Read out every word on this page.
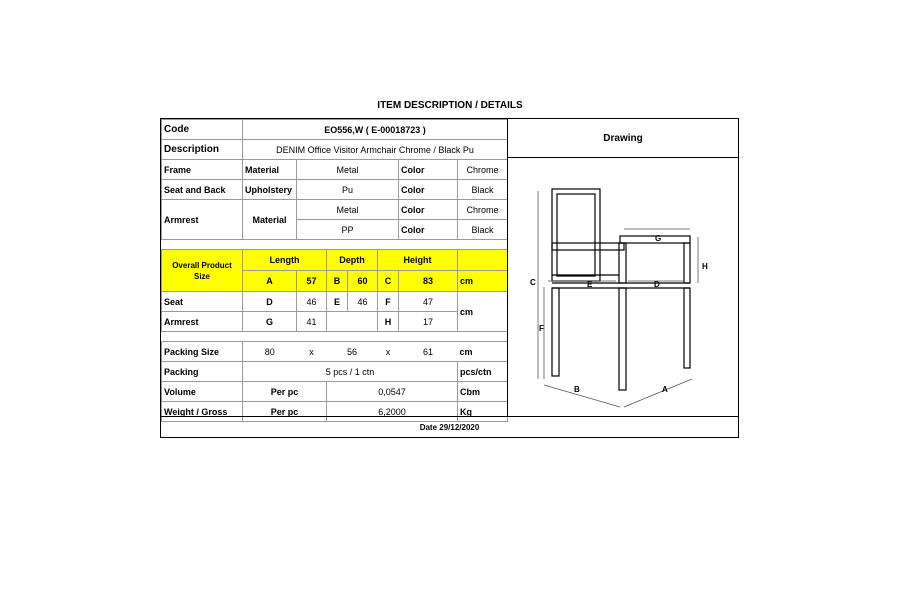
ITEM DESCRIPTION / DETAILS
Code	EO556,W ( E-00018723 )						
Description	DENIM Office Visitor Armchair Chrome / Black Pu						
Frame	Material	Metal				Color	Chrome
Seat and Back	Upholstery	Pu				Color	Black
Armrest	Material	Metal				Color	Chrome
		PP				Color	Black

Overall Product Size	Length		Depth		Height		
	A	57	B	60	C	83	cm
Seat	D	46	E	46	F	47	cm
Armrest	G	41			H	17	

Packing Size	80	x	56		x	61	cm
Packing	5 pcs / 1 ctn						pcs/ctn
Volume	Per pc		0,0547				Cbm
Weight / Gross	Per pc		6,2000				Kg
Drawing
C
F
E	D
G
H
B	A
Date 29/12/2020
